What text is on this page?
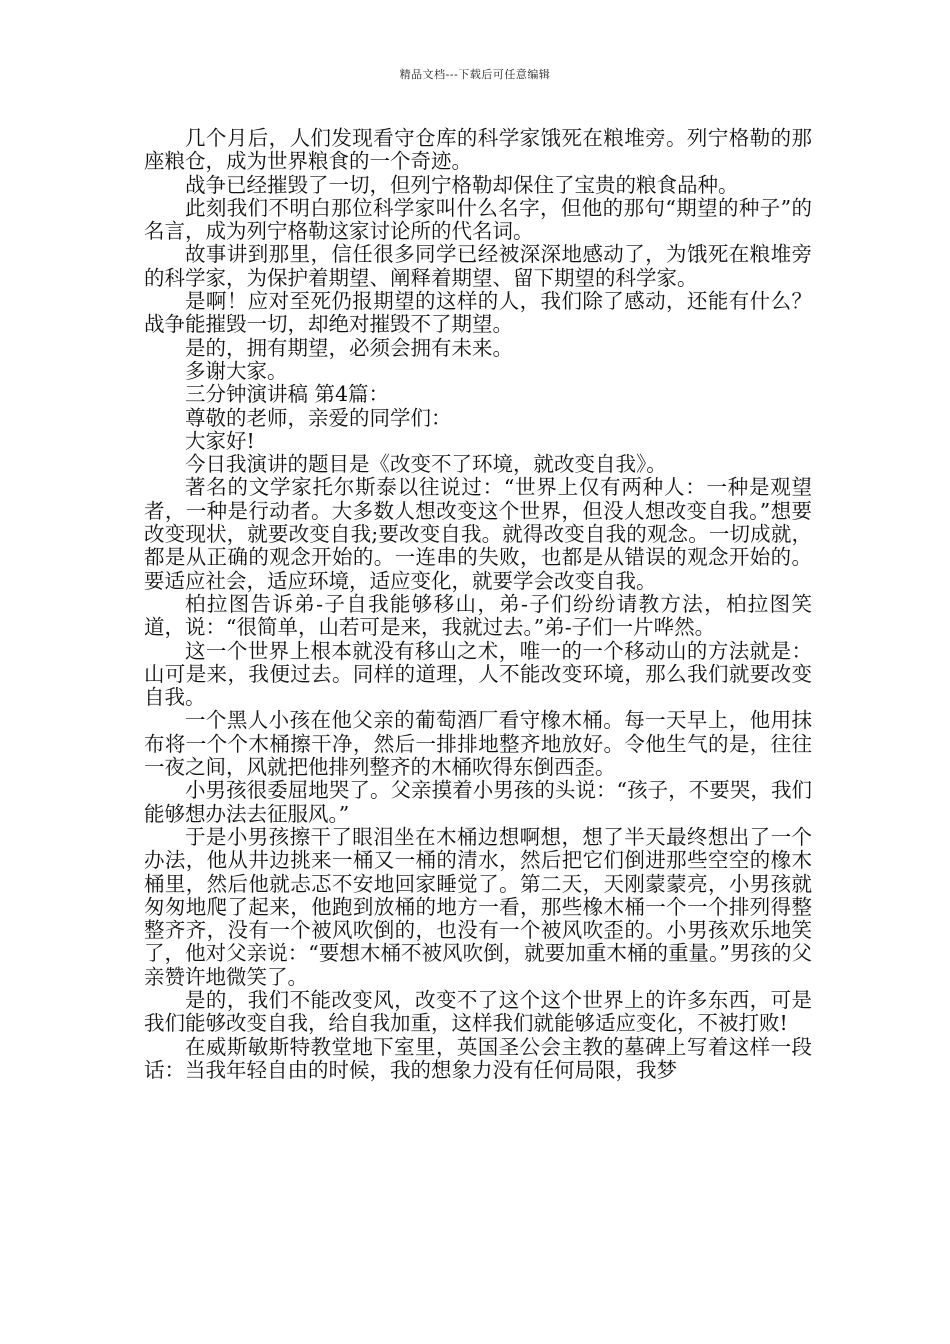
精品文档---下载后可任意编辑

几个月后，人们发现看守仓库的科学家饿死在粮堆旁。列宁格勒的那座粮仓，成为世界粮食的一个奇迹。

战争已经摧毁了一切，但列宁格勒却保住了宝贵的粮食品种。

此刻我们不明白那位科学家叫什么名字，但他的那句“期望的种子”的名言，成为列宁格勒这家讨论所的代名词。

故事讲到那里，信任很多同学已经被深深地感动了，为饿死在粮堆旁的科学家，为保护着期望、阐释着期望、留下期望的科学家。

是啊！应对至死仍报期望的这样的人，我们除了感动，还能有什么？战争能摧毁一切，却绝对摧毁不了期望。

是的，拥有期望，必须会拥有未来。

多谢大家。

三分钟演讲稿 第4篇：

尊敬的老师，亲爱的同学们：

大家好!

今日我演讲的题目是《改变不了环境，就改变自我》。

著名的文学家托尔斯泰以往说过：“世界上仅有两种人：一种是观望者，一种是行动者。大多数人想改变这个世界，但没人想改变自我。”想要改变现状，就要改变自我;要改变自我。就得改变自我的观念。一切成就，都是从正确的观念开始的。一连串的失败，也都是从错误的观念开始的。要适应社会，适应环境，适应变化，就要学会改变自我。

柏拉图告诉弟-子自我能够移山，弟-子们纷纷请教方法，柏拉图笑道，说：“很简单，山若可是来，我就过去。”弟-子们一片哗然。

这一个世界上根本就没有移山之术，唯一的一个移动山的方法就是：山可是来，我便过去。同样的道理，人不能改变环境，那么我们就要改变自我。

一个黑人小孩在他父亲的葡萄酒厂看守橡木桶。每一天早上，他用抹布将一个个木桶擦干净，然后一排排地整齐地放好。令他生气的是，往往一夜之间，风就把他排列整齐的木桶吹得东倒西歪。

小男孩很委屈地哭了。父亲摸着小男孩的头说：“孩子，不要哭，我们能够想办法去征服风。”

于是小男孩擦干了眼泪坐在木桶边想啊想，想了半天最终想出了一个办法，他从井边挑来一桶又一桶的清水，然后把它们倒进那些空空的橡木桶里，然后他就忐忑不安地回家睡觉了。第二天，天刚蒙蒙亮，小男孩就匆匆地爬了起来，他跑到放桶的地方一看，那些橡木桶一个一个排列得整整齐齐，没有一个被风吹倒的，也没有一个被风吹歪的。小男孩欢乐地笑了，他对父亲说：“要想木桶不被风吹倒，就要加重木桶的重量。”男孩的父亲赞许地微笑了。

是的，我们不能改变风，改变不了这个这个世界上的许多东西，可是我们能够改变自我，给自我加重，这样我们就能够适应变化，不被打败!

在威斯敏斯特教堂地下室里，英国圣公会主教的墓碑上写着这样一段话：当我年轻自由的时候，我的想象力没有任何局限，我梦
